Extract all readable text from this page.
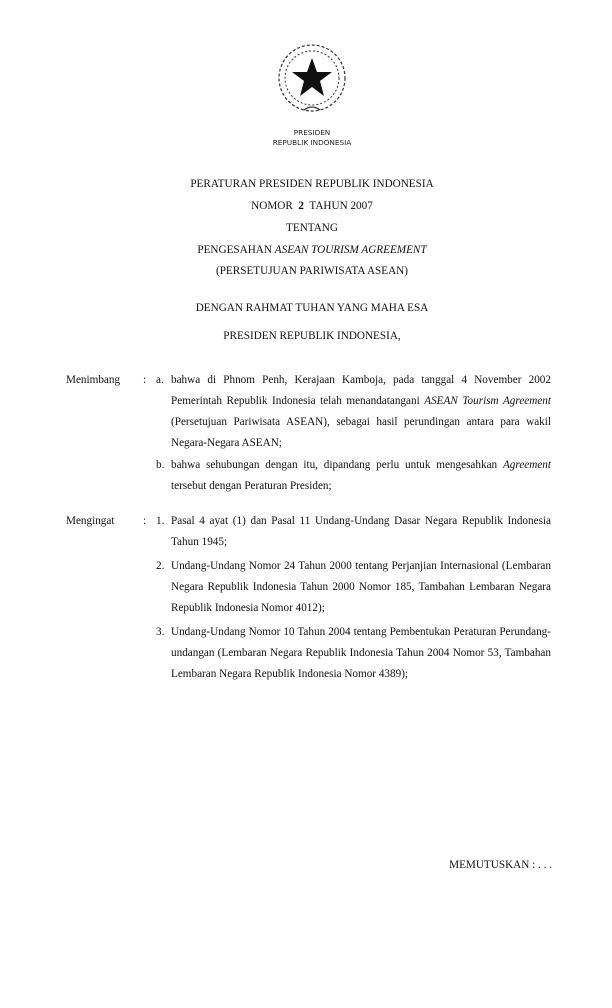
PRESIDEN
REPUBLIK INDONESIA
PERATURAN PRESIDEN REPUBLIK INDONESIA
NOMOR 2 TAHUN 2007
TENTANG
PENGESAHAN ASEAN TOURISM AGREEMENT
(PERSETUJUAN PARIWISATA ASEAN)
DENGAN RAHMAT TUHAN YANG MAHA ESA
PRESIDEN REPUBLIK INDONESIA,
Menimbang : a. bahwa di Phnom Penh, Kerajaan Kamboja, pada tanggal 4 November 2002 Pemerintah Republik Indonesia telah menandatangani ASEAN Tourism Agreement (Persetujuan Pariwisata ASEAN), sebagai hasil perundingan antara para wakil Negara-Negara ASEAN;
b. bahwa sehubungan dengan itu, dipandang perlu untuk mengesahkan Agreement tersebut dengan Peraturan Presiden;
Mengingat	: 1. Pasal 4 ayat (1) dan Pasal 11 Undang-Undang Dasar Negara Republik Indonesia Tahun 1945;
2. Undang-Undang Nomor 24 Tahun 2000 tentang Perjanjian Internasional (Lembaran Negara Republik Indonesia Tahun 2000 Nomor 185, Tambahan Lembaran Negara Republik Indonesia Nomor 4012);
3. Undang-Undang Nomor 10 Tahun 2004 tentang Pembentukan Peraturan Perundang-undangan (Lembaran Negara Republik Indonesia Tahun 2004 Nomor 53, Tambahan Lembaran Negara Republik Indonesia Nomor 4389);
MEMUTUSKAN : . . .
